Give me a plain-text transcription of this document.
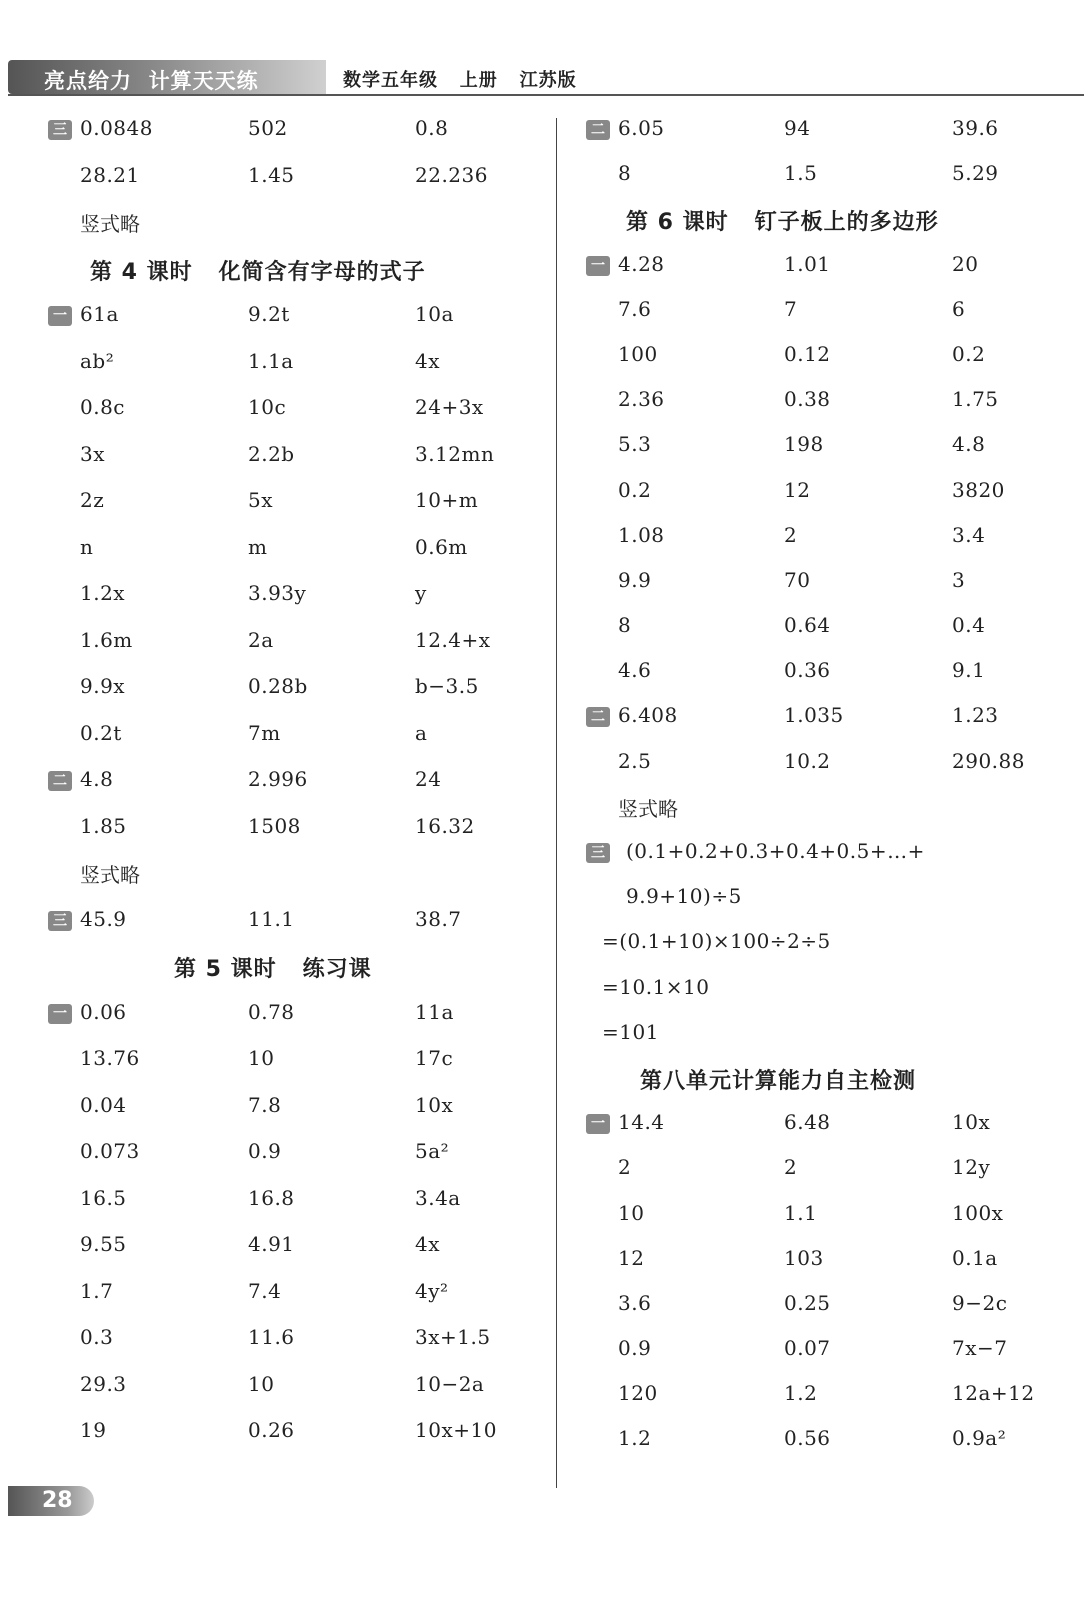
亮点给力  计算天天练	数学五年级   上册   江苏版
三 0.0848	502	0.8
28.21	1.45	22.236
竖式略
第 4 课时   化简含有字母的式子
一 61a	9.2t	10a
ab²	1.1a	4x
0.8c	10c	24+3x
3x	2.2b	3.12mn
2z	5x	10+m
n	m	0.6m
1.2x	3.93y	y
1.6m	2a	12.4+x
9.9x	0.28b	b−3.5
0.2t	7m	a
二 4.8	2.996	24
1.85	1508	16.32
竖式略
三 45.9	11.1	38.7
第 5 课时   练习课
一 0.06	0.78	11a
13.76	10	17c
0.04	7.8	10x
0.073	0.9	5a²
16.5	16.8	3.4a
9.55	4.91	4x
1.7	7.4	4y²
0.3	11.6	3x+1.5
29.3	10	10−2a
19	0.26	10x+10
二 6.05	94	39.6
8	1.5	5.29
第 6 课时   钉子板上的多边形
一 4.28	1.01	20
7.6	7	6
100	0.12	0.2
2.36	0.38	1.75
5.3	198	4.8
0.2	12	3820
1.08	2	3.4
9.9	70	3
8	0.64	0.4
4.6	0.36	9.1
二 6.408	1.035	1.23
2.5	10.2	290.88
竖式略
三 (0.1+0.2+0.3+0.4+0.5+…+
9.9+10)÷5
=(0.1+10)×100÷2÷5
=10.1×10
=101
第八单元计算能力自主检测
一 14.4	6.48	10x
2	2	12y
10	1.1	100x
12	103	0.1a
3.6	0.25	9−2c
0.9	0.07	7x−7
120	1.2	12a+12
1.2	0.56	0.9a²
28
